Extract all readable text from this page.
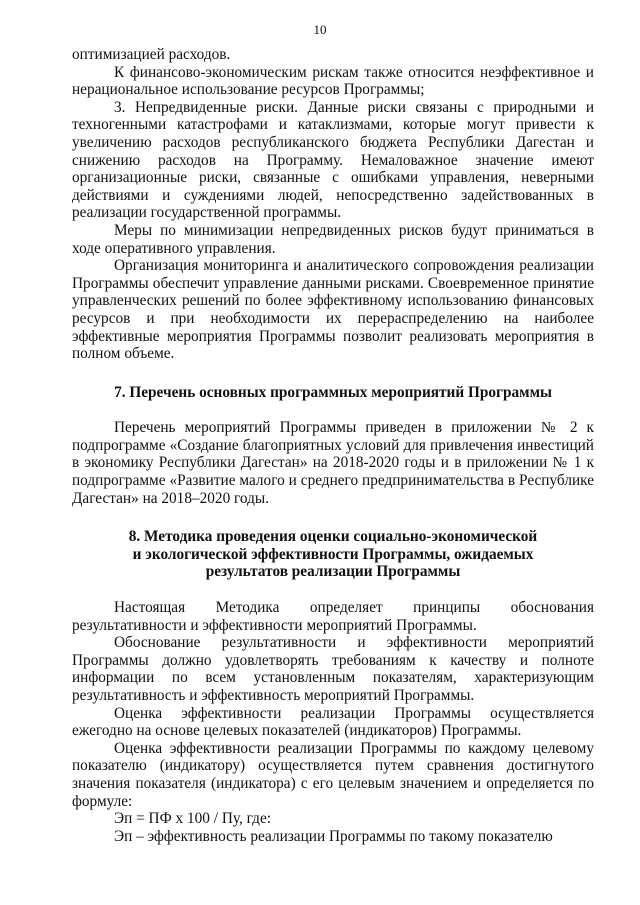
10

оптимизацией расходов.

К финансово-экономическим рискам также относится неэффективное и нерациональное использование ресурсов Программы;

3. Непредвиденные риски. Данные риски связаны с природными и техногенными катастрофами и катаклизмами, которые могут привести к увеличению расходов республиканского бюджета Республики Дагестан и снижению расходов на Программу. Немаловажное значение имеют организационные риски, связанные с ошибками управления, неверными действиями и суждениями людей, непосредственно задействованных в реализации государственной программы.

Меры по минимизации непредвиденных рисков будут приниматься в ходе оперативного управления.

Организация мониторинга и аналитического сопровождения реализации Программы обеспечит управление данными рисками. Своевременное принятие управленческих решений по более эффективному использованию финансовых ресурсов и при необходимости их перераспределению на наиболее эффективные мероприятия Программы позволит реализовать мероприятия в полном объеме.

7. Перечень основных программных мероприятий Программы

Перечень мероприятий Программы приведен в приложении № 2 к подпрограмме «Создание благоприятных условий для привлечения инвестиций в экономику Республики Дагестан» на 2018-2020 годы и в приложении № 1 к подпрограмме «Развитие малого и среднего предпринимательства в Республике Дагестан» на 2018–2020 годы.

8. Методика проведения оценки социально-экономической
и экологической эффективности Программы, ожидаемых
результатов реализации Программы

Настоящая Методика определяет принципы обоснования результативности и эффективности мероприятий Программы.

Обоснование результативности и эффективности мероприятий Программы должно удовлетворять требованиям к качеству и полноте информации по всем установленным показателям, характеризующим результативность и эффективность мероприятий Программы.

Оценка эффективности реализации Программы осуществляется ежегодно на основе целевых показателей (индикаторов) Программы.

Оценка эффективности реализации Программы по каждому целевому показателю (индикатору) осуществляется путем сравнения достигнутого значения показателя (индикатора) с его целевым значением и определяется по формуле:

Эп = ПФ х 100 / Пу, где:

Эп – эффективность реализации Программы по такому показателю
